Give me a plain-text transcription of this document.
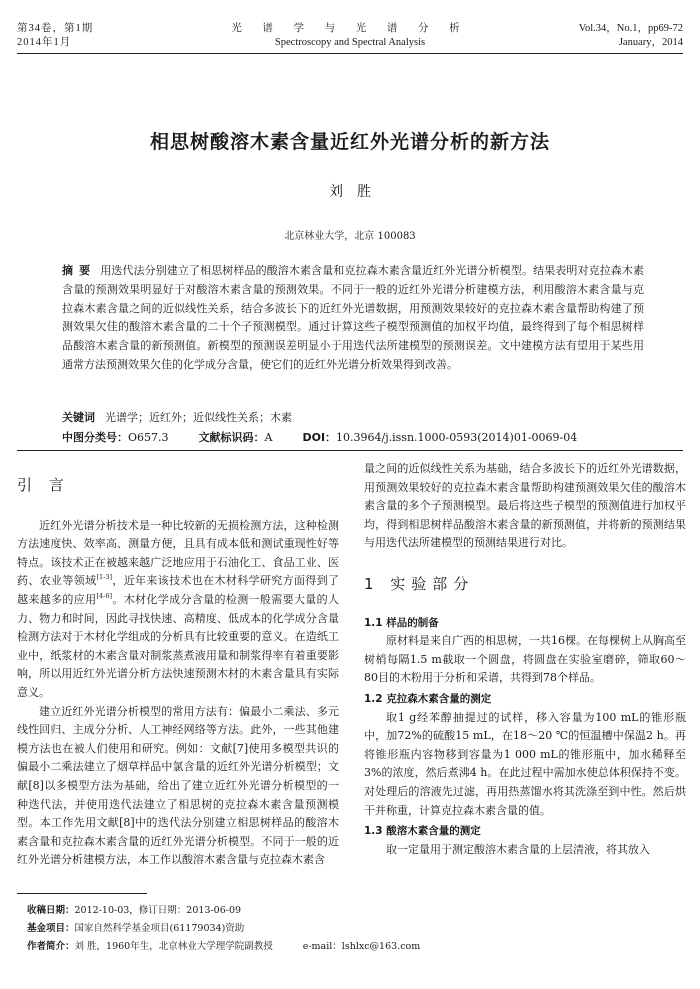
第34卷，第1期
2014年1月
光 谱 学 与 光 谱 分 析
Spectroscopy and Spectral Analysis
Vol.34，No.1，pp69-72
January，2014
相思树酸溶木素含量近红外光谱分析的新方法
刘胜
北京林业大学，北京 100083
摘要 用迭代法分别建立了相思树样品的酸溶木素含量和克拉森木素含量近红外光谱分析模型。结果表明对克拉森木素含量的预测效果明显好于对酸溶木素含量的预测效果。不同于一般的近红外光谱分析建模方法，利用酸溶木素含量与克拉森木素含量之间的近似线性关系，结合多波长下的近红外光谱数据，用预测效果较好的克拉森木素含量帮助构建了预测效果欠佳的酸溶木素含量的二十个子预测模型。通过计算这些子模型预测值的加权平均值，最终得到了每个相思树样品酸溶木素含量的新预测值。新模型的预测误差明显小于用迭代法所建模型的预测误差。文中建模方法有望用于某些用通常方法预测效果欠佳的化学成分含量，使它们的近红外光谱分析效果得到改善。
关键词 光谱学；近红外；近似线性关系；木素
中图分类号：O657.3	文献标识码：A	DOI：10.3964/j.issn.1000-0593(2014)01-0069-04
引 言

近红外光谱分析技术是一种比较新的无损检测方法，这种检测方法速度快、效率高、测量方便，且具有成本低和测试重现性好等特点。该技术正在被越来越广泛地应用于石油化工、食品工业、医药、农业等领域[1-3]，近年来该技术也在木材科学研究方面得到了越来越多的应用[4-6]。木材化学成分含量的检测一般需要大量的人力、物力和时间，因此寻找快速、高精度、低成本的化学成分含量检测方法对于木材化学组成的分析具有比较重要的意义。在造纸工业中，纸浆材的木素含量对制浆蒸煮液用量和制浆得率有着重要影响，所以用近红外光谱分析方法快速预测木材的木素含量具有实际意义。

建立近红外光谱分析模型的常用方法有：偏最小二乘法、多元线性回归、主成分分析、人工神经网络等方法。此外，一些其他建模方法也在被人们使用和研究。例如：文献[7]使用多模型共识的偏最小二乘法建立了烟草样品中氯含量的近红外光谱分析模型；文献[8]以多模型方法为基础，给出了建立近红外光谱分析模型的一种迭代法，并使用迭代法建立了相思树的克拉森木素含量预测模型。本工作先用文献[8]中的迭代法分别建立相思树样品的酸溶木素含量和克拉森木素含量的近红外光谱分析模型。不同于一般的近红外光谱分析建模方法，本工作以酸溶木素含量与克拉森木素含

量之间的近似线性关系为基础，结合多波长下的近红外光谱数据，用预测效果较好的克拉森木素含量帮助构建预测效果欠佳的酸溶木素含量的多个子预测模型。最后将这些子模型的预测值进行加权平均，得到相思树样品酸溶木素含量的新预测值，并将新的预测结果与用迭代法所建模型的预测结果进行对比。

1 实验部分
1.1 样品的制备

原材料是来自广西的相思树，一共16棵。在每棵树上从胸高至树梢每隔1.5 m截取一个圆盘，将圆盘在实验室磨碎，筛取60～80目的木粉用于分析和采谱，共得到78个样品。

1.2 克拉森木素含量的测定

取1 g经苯醇抽提过的试样，移入容量为100 mL的锥形瓶中，加72%的硫酸15 mL，在18～20 ℃的恒温槽中保温2 h。再将锥形瓶内容物移到容量为1 000 mL的锥形瓶中，加水稀释至3%的浓度，然后煮沸4 h。在此过程中需加水使总体积保持不变。对处理后的溶液先过滤，再用热蒸馏水将其洗涤至到中性。然后烘干并称重，计算克拉森木素含量的值。

1.3 酸溶木素含量的测定

取一定量用于测定酸溶木素含量的上层清液，将其放入

收稿日期：2012-10-03，修订日期：2013-06-09
基金项目：国家自然科学基金项目(61179034)资助
作者简介：刘 胜，1960年生，北京林业大学理学院副教授	e-mail：lshlxc@163.com
